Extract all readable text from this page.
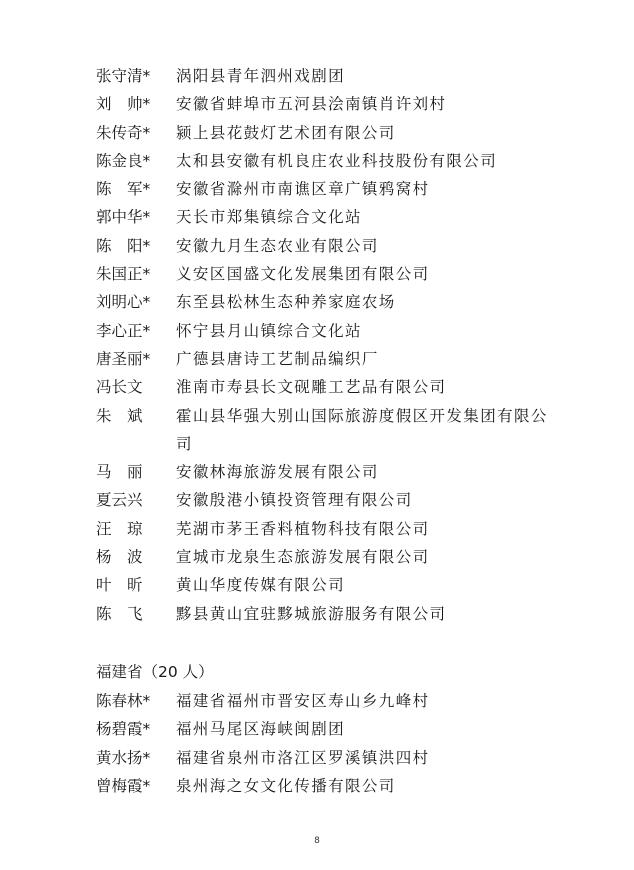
张守清*	涡阳县青年泗州戏剧团
刘　帅*	安徽省蚌埠市五河县浍南镇肖许刘村
朱传奇*	颍上县花鼓灯艺术团有限公司
陈金良*	太和县安徽有机良庄农业科技股份有限公司
陈　军*	安徽省滁州市南谯区章广镇鸦窝村
郭中华*	天长市郑集镇综合文化站
陈　阳*	安徽九月生态农业有限公司
朱国正*	义安区国盛文化发展集团有限公司
刘明心*	东至县松林生态种养家庭农场
李心正*	怀宁县月山镇综合文化站
唐圣丽*	广德县唐诗工艺制品编织厂
冯长文	淮南市寿县长文砚雕工艺品有限公司
朱　斌	霍山县华强大别山国际旅游度假区开发集团有限公司
马　丽	安徽林海旅游发展有限公司
夏云兴	安徽殷港小镇投资管理有限公司
汪　琼	芜湖市茅王香料植物科技有限公司
杨　波	宣城市龙泉生态旅游发展有限公司
叶　昕	黄山华度传媒有限公司
陈　飞	黟县黄山宜驻黟城旅游服务有限公司
福建省（20 人）
陈春林*	福建省福州市晋安区寿山乡九峰村
杨碧霞*	福州马尾区海峡闽剧团
黄水扬*	福建省泉州市洛江区罗溪镇洪四村
曾梅霞*	泉州海之女文化传播有限公司
8
